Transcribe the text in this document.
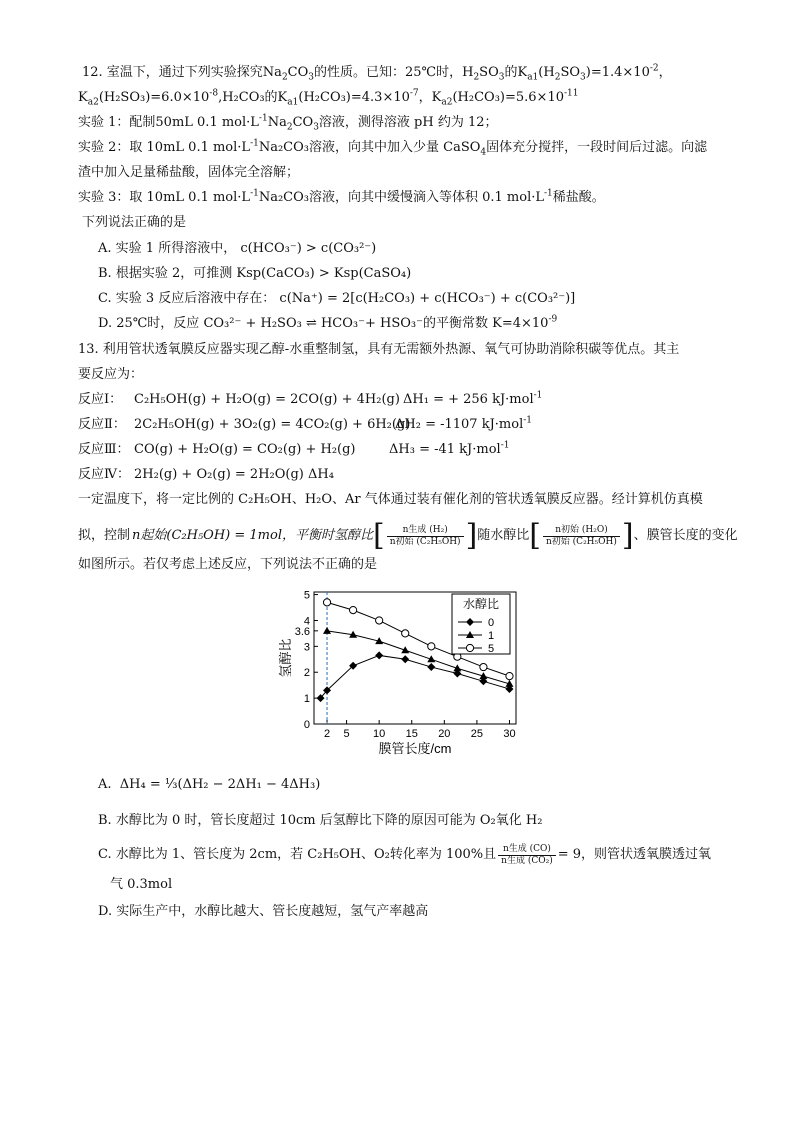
12. 室温下，通过下列实验探究$Na_2CO_3$的性质。已知：25℃时，$H_2SO_3$的$K_{a1}(H_2SO_3)=1.4\times 10^{-2}$，
$K_{a2}(H_2SO_3)=6.0\times 10^{-8},H_2CO_3$的$K_{a1}(H_2CO_3)=4.3\times 10^{-7}$，$K_{a2}(H_2CO_3)=5.6\times 10^{-11}$
实验 1：配制50mL 0.1 $mol\cdot L^{-1}Na_2CO_3$溶液，测得溶液 pH 约为 12；
实验 2：取 10mL 0.1 $mol\cdot L^{-1}Na_2CO_3$溶液，向其中加入少量 CaSO$_4$固体充分搅拌，一段时间后过滤。向滤
渣中加入足量稀盐酸，固体完全溶解；
实验 3：取 10mL 0.1 $mol\cdot L^{-1}Na_2CO_3$溶液，向其中缓慢滴入等体积 0.1 $mol\cdot L^{-1}$稀盐酸。
下列说法正确的是
A. 实验 1 所得溶液中， c(HCO₃⁻) > c(CO₃²⁻)
B. 根据实验 2，可推测 Ksp(CaCO₃) > Ksp(CaSO₄)
C. 实验 3 反应后溶液中存在： c(Na⁺) = 2[c(H₂CO₃) + c(HCO₃⁻) + c(CO₃²⁻)]
D. 25℃时，反应 CO₃²⁻ + H₂SO₃ ⇌ HCO₃⁻+ HSO₃⁻的平衡常数 $K=4\times 10^{-9}$
13. 利用管状透氧膜反应器实现乙醇-水重整制氢，具有无需额外热源、氧气可协助消除积碳等优点。其主
要反应为：
反应Ⅰ： C₂H₅OH(g) + H₂O(g) = 2CO(g) + 4H₂(g) ΔH₁ = + 256 kJ·mol$^{-1}$
反应Ⅱ： 2C₂H₅OH(g) + 3O₂(g) = 4CO₂(g) + 6H₂(g)
ΔH₂ = -1107 kJ·mol$^{-1}$
反应Ⅲ： CO(g) + H₂O(g) = CO₂(g) + H₂(g)	ΔH₃ = -41 kJ·mol$^{-1}$
反应Ⅳ： 2H₂(g) + O₂(g) = 2H₂O(g) ΔH₄
一定温度下，将一定比例的 C₂H₅OH、H₂O、Ar 气体通过装有催化剂的管状透氧膜反应器。经计算机仿真模
拟，控制 n起始(C₂H₅OH) = 1mol，平衡时氢醇比 [ $\frac{\text{n生成 (H₂)}}{\text{n初始 (C₂H₅OH)}}$ ] 随水醇比 [ $\frac{\text{n初始 (H₂O)}}{\text{n初始 (C₂H₅OH)}}$ ] 、膜管长度的变化
如图所示。若仅考虑上述反应，下列说法不正确的是
0
1
2
3
3.6
4
5
2 5 10 15 20 25 30
膜管长度/cm
氢醇比
水醇比
0
1
5
A. ΔH₄ = ⅓(ΔH₂ − 2ΔH₁ − 4ΔH₃)
B. 水醇比为 0 时，管长度超过 10cm 后氢醇比下降的原因可能为 O₂氧化 H₂
C. 水醇比为 1、管长度为 2cm，若 C₂H₅OH、O₂转化率为 100%且 $\frac{\text{n生成 (CO)}}{\text{n生成 (CO₂)}} = 9$，则管状透氧膜透过氧
气 0.3mol
D. 实际生产中，水醇比越大、管长度越短，氢气产率越高
